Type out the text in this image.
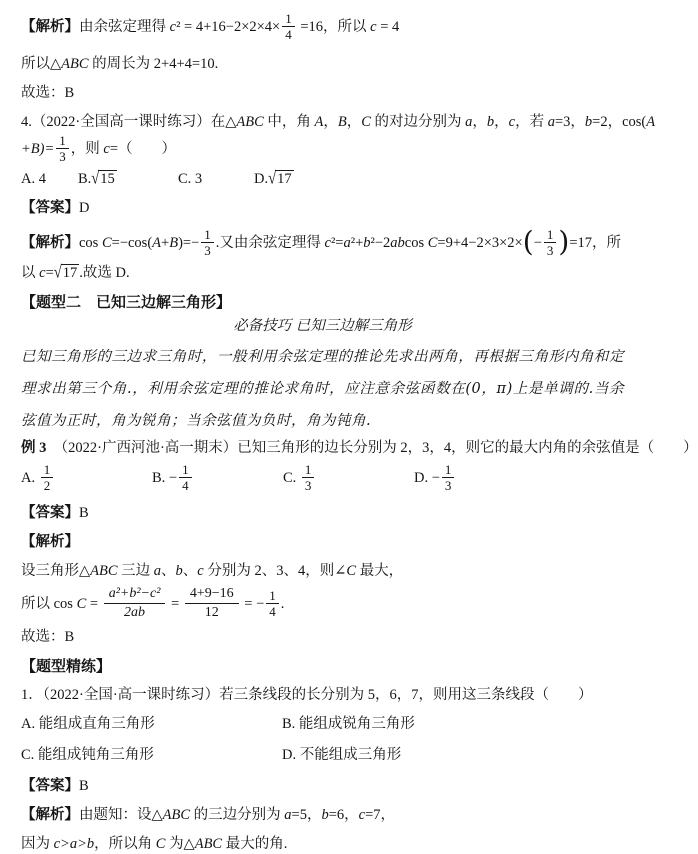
【解析】由余弦定理得 $c^2 = 4+16-2\times 2\times 4\times \frac{1}{4} =16$，所以 c = 4
所以△ABC 的周长为 2+4+4=10.
故选：B
4.（2022·全国高一课时练习）在△ABC 中，角 A，B，C 的对边分别为 a，b，c，若 a=3，b=2，cos(A
$+B)= \frac{1}{3}$ ，则 c=（　　）
A. 4 B.√15	C. 3	D.√17
【答案】D
【解析】$\cos C=-\cos(A+B)=- \frac{1}{3}$ .又由余弦定理得 c²=a²+b²−2abcos $C=9+4-2\times 3\times 2\times(- \frac{1}{3} )=17$，所
以 c=√17 .故选 D.
【题型二　已知三边解三角形】
必备技巧 已知三边解三角形
已知三角形的三边求三角时，一般利用余弦定理的推论先求出两角，再根据三角形内角和定理求出第三个角.，利用余弦定理的推论求角时，应注意余弦函数在(0，π)上是单调的.当余弦值为正时，角为锐角；当余弦值为负时，角为钝角.
例 3　（2022·广西河池·高一期末）已知三角形的边长分别为 2，3，4，则它的最大内角的余弦值是（　　）
A. $\frac{1}{2}$	B. − $\frac{1}{4}$	C. $\frac{1}{3}$	D. − $\frac{1}{3}$
【答案】B
【解析】
设三角形△ABC 三边 a、b、c 分别为 2、3、4，则∠C 最大，
所以 $\cos C = \frac{\text{a²+b²−c²}}{2ab} = \frac{4+9-16}{12}$ = − $\frac{1}{4}$ .
故选：B
【题型精练】
1．（2022·全国·高一课时练习）若三条线段的长分别为 5，6，7，则用这三条线段（　　）
A. 能组成直角三角形	B. 能组成锐角三角形
C. 能组成钝角三角形	D. 不能组成三角形
【答案】B
【解析】由题知：设△ABC 的三边分别为 a=5，b=6，c=7，
因为 c>a>b，所以角 C 为△ABC 最大的角.
